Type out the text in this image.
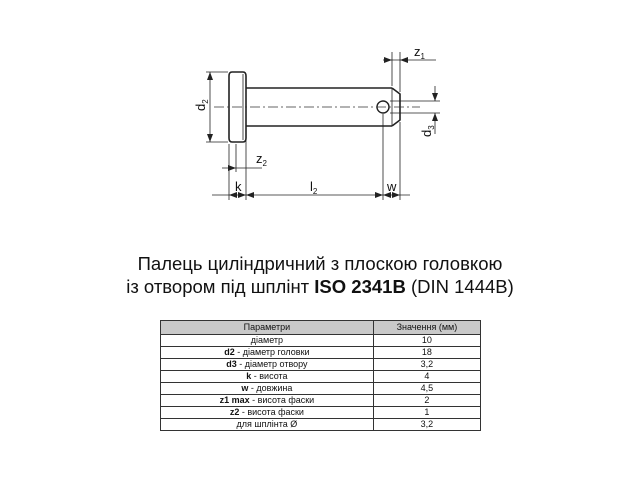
$d_2$
$d_3$
$z_1$
$z_2$
k	$l_2$	w
Палець циліндричний з плоскою головкою
із отвором під шплінт ISO 2341B (DIN 1444B)
Параметри	Значення (мм)
діаметр	10
d2 - діаметр головки	18
d3 - діаметр отвору	3,2
k - висота	4
w - довжина	4,5
z1 max - висота фаски	2
z2 - висота фаски	1
для шплінта Ø	3,2
